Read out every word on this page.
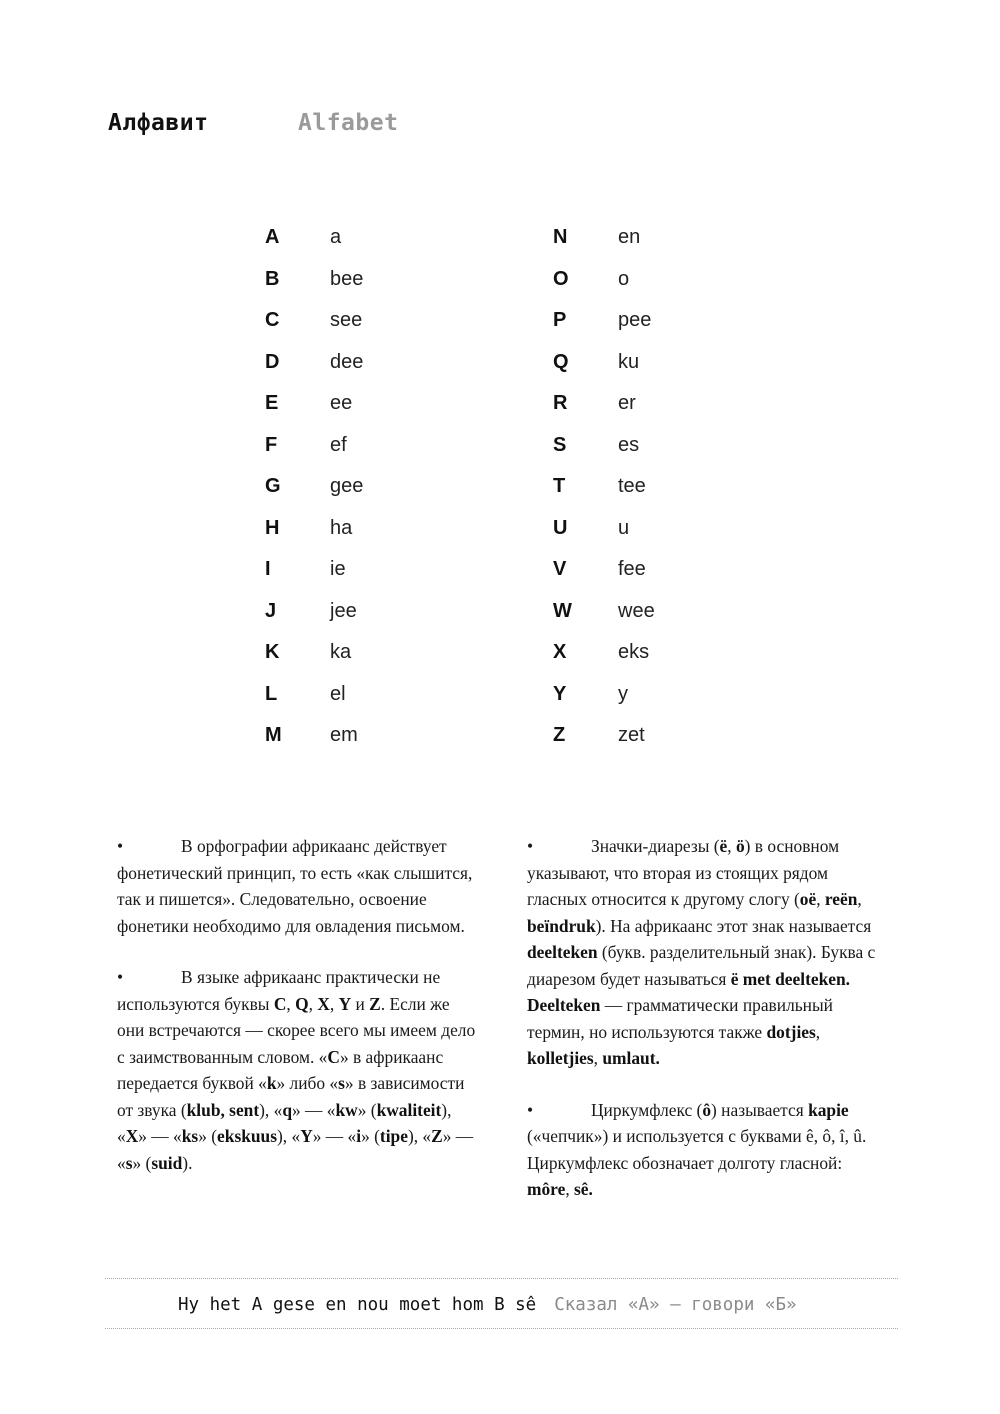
Алфавит	Alfabet
A	a
B	bee
C	see
D	dee
E	ee
F	ef
G gee
H	ha
I	ie
J	jee
K	ka
L	el
M em
N	en
O o
P	pee
Q ku
R	er
S	es
T	tee
U	u
V	fee
W wee
X	eks
Y	y
Z	zet

•	В орфографии африкаанс действует фонетический принцип, то есть «как слышится, так и пишется». Следовательно, освоение фонетики необходимо для овладения письмом.

•	В языке африкаанс практически не используются буквы C, Q, X, Y и Z. Если же они встречаются — скорее всего мы имеем дело с заимствованным словом. «C» в африкаанс передается буквой «k» либо «s» в зависимости от звука (klub, sent), «q» — «kw» (kwaliteit), «X» — «ks» (ekskuus), «Y» — «i» (tipe), «Z» — «s» (suid).

•	Значки-диарезы (ë, ö) в основном указывают, что вторая из стоящих рядом гласных относится к другому слогу (oë, reën, beïndruk). На африкаанс этот знак называется deelteken (букв. разделительный знак). Буква с диарезом будет называться ë met deelteken. Deelteken — грамматически правильный термин, но используются также dotjies, kolletjies, umlaut.

•	Циркумфлекс (ô) называется kapie («чепчик») и используется с буквами ê, ô, î, û. Циркумфлекс обозначает долготу гласной: môre, sê.

Hy het A gese en nou moet hom B sê Сказал «А» — говори «Б»
